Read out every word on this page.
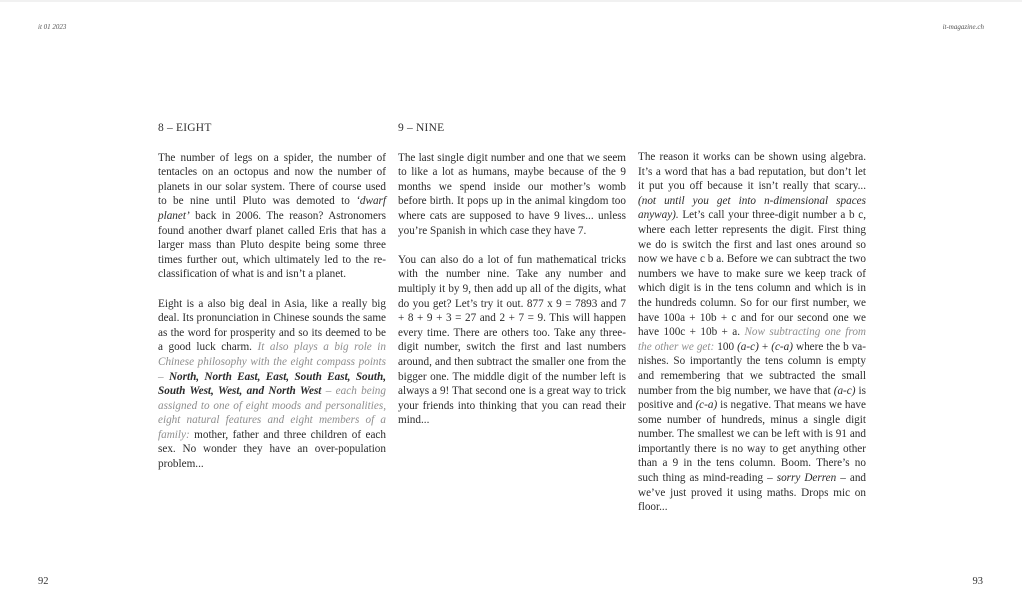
it 01 2023	it-magazine.ch
8 – EIGHT

The number of legs on a spider, the number of tentacles on an octopus and now the number of planets in our solar system. There of course used to be nine until Pluto was demoted to ‘dwarf planet’ back in 2006. The reason? Astronomers found another dwarf planet called Eris that has a larger mass than Pluto despite being some three times further out, which ultimately led to the reclassification of what is and isn’t a planet.

Eight is a also big deal in Asia, like a really big deal. Its pronunciation in Chinese sounds the same as the word for prosperity and so its deemed to be a good luck charm. It also plays a big role in Chinese philosophy with the eight compass points – North, North East, East, South East, South, South West, West, and North West – each being assigned to one of eight moods and personalities, eight natural features and eight members of a family: mother, father and three children of each sex. No wonder they have an over-population problem...

9 – NINE

The last single digit number and one that we seem to like a lot as humans, maybe because of the 9 months we spend inside our mother’s womb before birth. It pops up in the animal kingdom too where cats are supposed to have 9 lives... unless you’re Spanish in which case they have 7.

You can also do a lot of fun mathematical tricks with the number nine. Take any number and multiply it by 9, then add up all of the digits, what do you get? Let’s try it out. 877 x 9 = 7893 and 7 + 8 + 9 + 3 = 27 and 2 + 7 = 9. This will happen every time. There are others too. Take any three-digit number, switch the first and last numbers around, and then subtract the smaller one from the bigger one. The middle digit of the number left is always a 9! That second one is a great way to trick your friends into thinking that you can read their mind...

The reason it works can be shown using algebra. It’s a word that has a bad reputation, but don’t let it put you off because it isn’t really that scary... (not until you get into n-dimensional spaces anyway). Let’s call your three-digit number a b c, where each letter represents the digit. First thing we do is switch the first and last ones around so now we have c b a. Before we can subtract the two numbers we have to make sure we keep track of which digit is in the tens column and which is in the hundreds column. So for our first number, we have 100a + 10b + c and for our second one we have 100c + 10b + a. Now subtracting one from the other we get: 100 (a-c) + (c-a) where the b vanishes. So importantly the tens column is empty and remembering that we subtracted the small number from the big number, we have that (a-c) is positive and (c-a) is negative. That means we have some number of hundreds, minus a single digit number. The smallest we can be left with is 91 and importantly there is no way to get anything other than a 9 in the tens column. Boom. There’s no such thing as mind-reading – sorry Derren – and we’ve just proved it using maths. Drops mic on floor...

92	93
